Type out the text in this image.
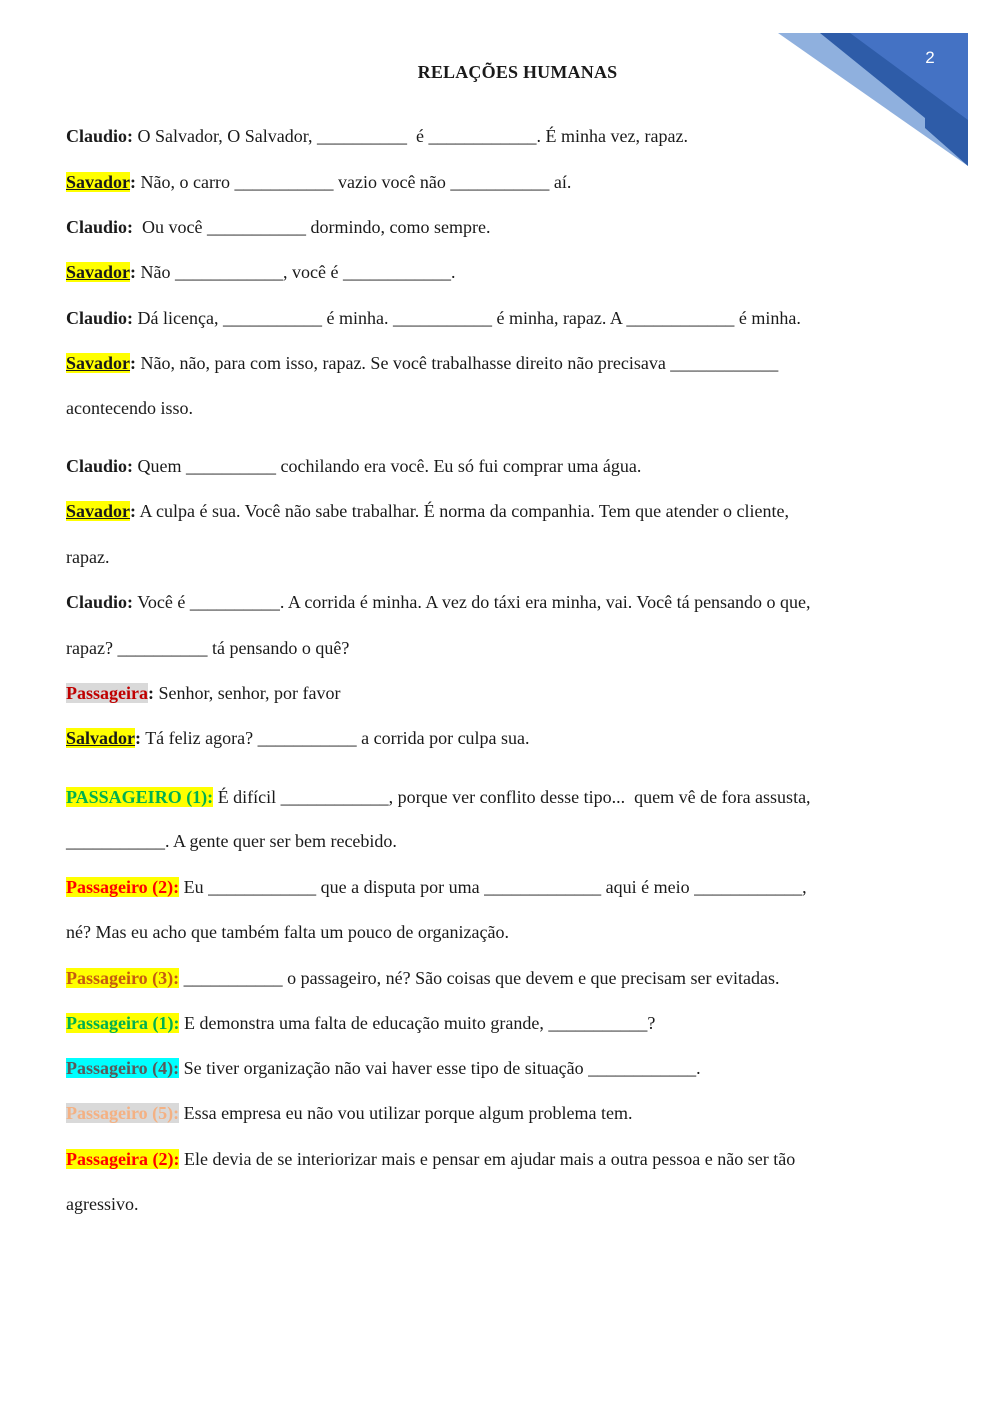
2
RELAÇÕES HUMANAS
Claudio: O Salvador, O Salvador, __________  é ____________. É minha vez, rapaz.
Savador: Não, o carro ___________ vazio você não ___________ aí.
Claudio:  Ou você ___________ dormindo, como sempre.
Savador: Não ____________, você é ____________.
Claudio: Dá licença, ___________ é minha. ___________ é minha, rapaz. A ____________ é minha.
Savador: Não, não, para com isso, rapaz. Se você trabalhasse direito não precisava ____________
acontecendo isso.
Claudio: Quem __________ cochilando era você. Eu só fui comprar uma água.
Savador: A culpa é sua. Você não sabe trabalhar. É norma da companhia. Tem que atender o cliente,
rapaz.
Claudio: Você é __________. A corrida é minha. A vez do táxi era minha, vai. Você tá pensando o que,
rapaz? __________ tá pensando o quê?
Passageira: Senhor, senhor, por favor
Salvador: Tá feliz agora? ___________ a corrida por culpa sua.
PASSAGEIRO (1): É difícil ____________, porque ver conflito desse tipo...  quem vê de fora assusta,
___________. A gente quer ser bem recebido.
Passageiro (2): Eu ____________ que a disputa por uma _____________ aqui é meio ____________,
né? Mas eu acho que também falta um pouco de organização.
Passageiro (3): ___________ o passageiro, né? São coisas que devem e que precisam ser evitadas.
Passageira (1): E demonstra uma falta de educação muito grande, ___________?
Passageiro (4): Se tiver organização não vai haver esse tipo de situação ____________.
Passageiro (5): Essa empresa eu não vou utilizar porque algum problema tem.
Passageira (2): Ele devia de se interiorizar mais e pensar em ajudar mais a outra pessoa e não ser tão
agressivo.
